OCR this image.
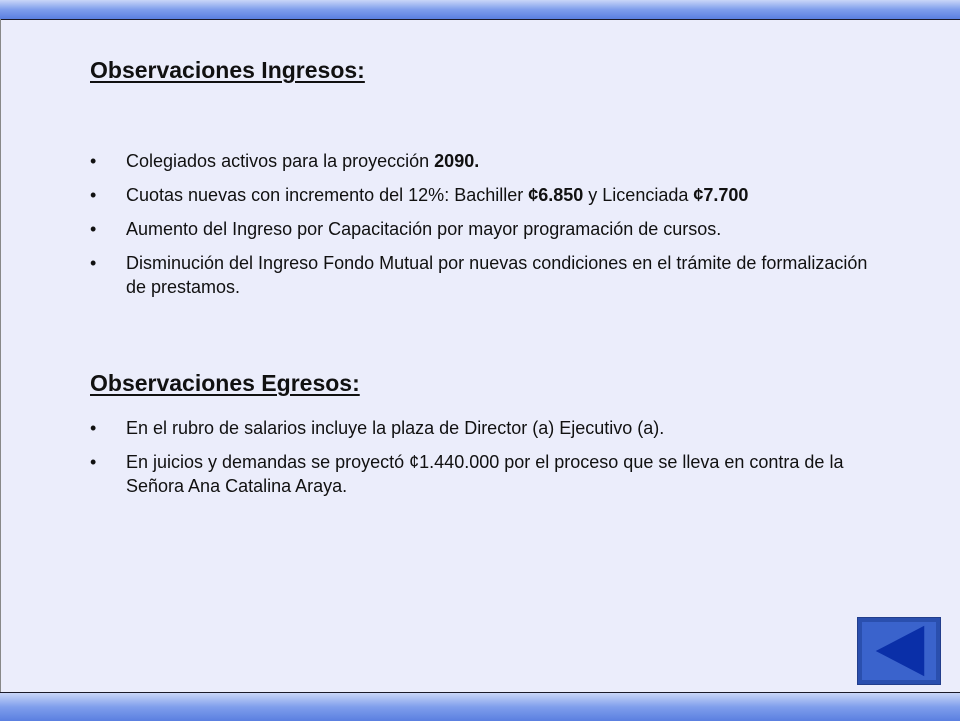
Observaciones Ingresos:
• Colegiados activos para la proyección 2090.
• Cuotas nuevas con incremento del 12%: Bachiller ¢6.850 y Licenciada ¢7.700
• Aumento del Ingreso por Capacitación por mayor programación de cursos.
• Disminución del Ingreso Fondo Mutual por nuevas condiciones en el trámite de formalización de prestamos.
Observaciones Egresos:
• En el rubro de salarios incluye la plaza de Director (a) Ejecutivo (a).
• En juicios y demandas se proyectó ¢1.440.000 por el proceso que se lleva en contra de la Señora Ana Catalina Araya.
